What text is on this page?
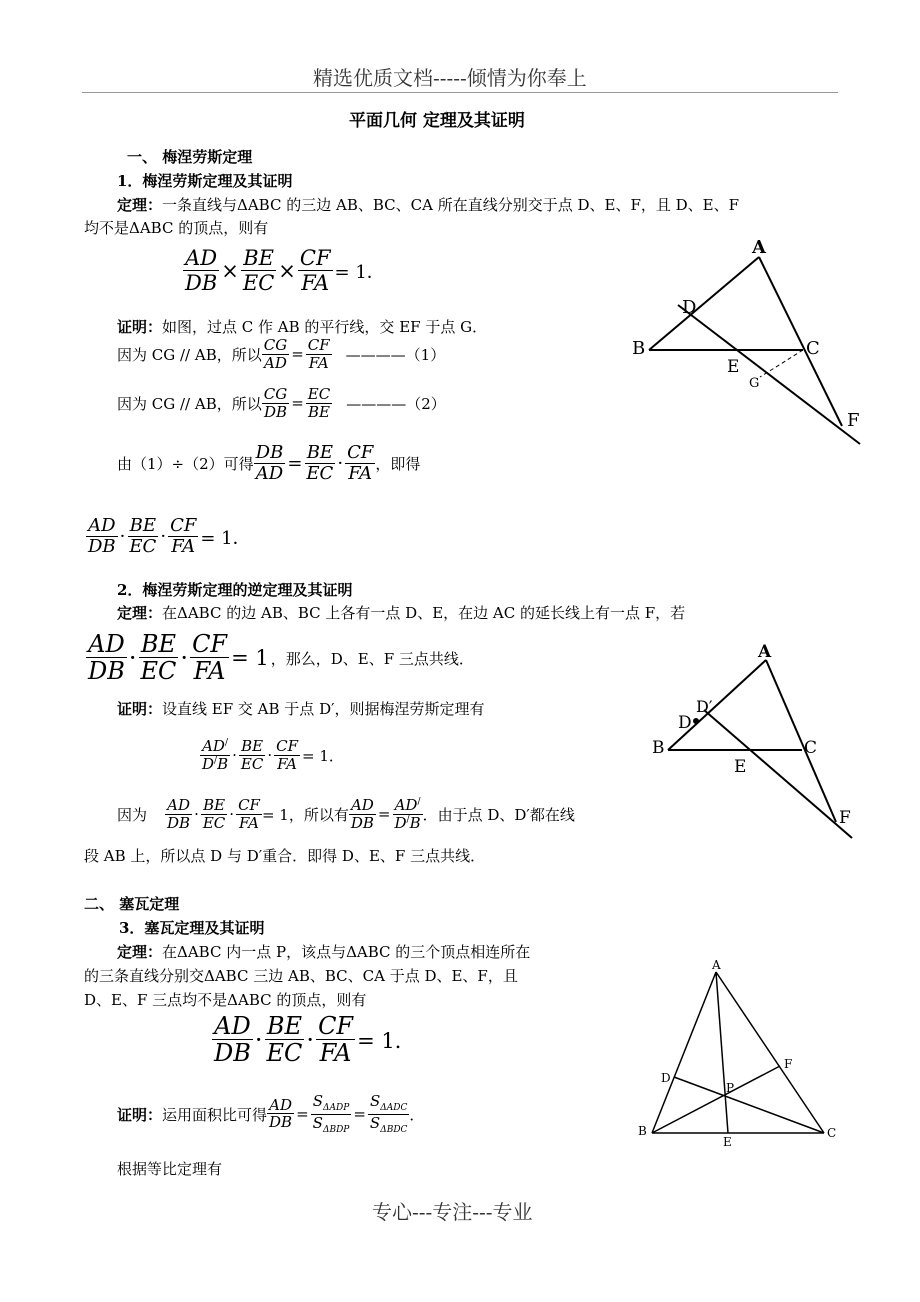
精选优质文档-----倾情为你奉上
平面几何 定理及其证明
一、 梅涅劳斯定理
1．梅涅劳斯定理及其证明
定理：一条直线与ΔABC 的三边 AB、BC、CA 所在直线分别交于点 D、E、F，且 D、E、F
均不是ΔABC 的顶点，则有
$\frac{AD}{DB} \times \frac{BE}{EC} \times \frac{CF}{FA} = 1$．
证明：如图，过点 C 作 AB 的平行线，交 EF 于点 G．
因为 CG // AB，所以 $\frac{CG}{AD} = \frac{CF}{FA}$ ————（1）
因为 CG // AB，所以 $\frac{CG}{DB} = \frac{EC}{BE}$ ————（2）
由（1）÷（2）可得 $\frac{DB}{AD} = \frac{BE}{EC} \cdot \frac{CF}{FA}$ ，即得
$\frac{AD}{DB} \cdot \frac{BE}{EC} \cdot \frac{CF}{FA} = 1$．
2．梅涅劳斯定理的逆定理及其证明
定理：在ΔABC 的边 AB、BC 上各有一点 D、E，在边 AC 的延长线上有一点 F，若
$\frac{AD}{DB} \cdot \frac{BE}{EC} \cdot \frac{CF}{FA} = 1$ ，那么，D、E、F 三点共线．
证明：设直线 EF 交 AB 于点 D′，则据梅涅劳斯定理有
$\frac{AD^/}{D^/B} \cdot \frac{BE}{EC} \cdot \frac{CF}{FA} = 1$．
因为 $\frac{AD}{DB} \cdot \frac{BE}{EC} \cdot \frac{CF}{FA} = 1$，所以有 $\frac{AD}{DB} = \frac{AD^/}{D^/B}$ ．由于点 D、D′都在线
段 AB 上，所以点 D 与 D′重合．即得 D、E、F 三点共线．
二、 塞瓦定理
3．塞瓦定理及其证明
定理：在ΔABC 内一点 P，该点与ΔABC 的三个顶点相连所在
的三条直线分别交ΔABC 三边 AB、BC、CA 于点 D、E、F，且
D、E、F 三点均不是ΔABC 的顶点，则有
$\frac{AD}{DB} \cdot \frac{BE}{EC} \cdot \frac{CF}{FA} = 1$．
证明： 运用面积比可得 $\frac{AD}{DB} = \frac{S_{\Delta ADP}}{S_{\Delta BDP}} = \frac{S_{\Delta ADC}}{S_{\Delta BDC}}$ ．
根据等比定理有
专心---专注---专业
A
B	C
D
E
F
G
A
B	C
D
D′
E
F
A
B	C
D
E
F
P
